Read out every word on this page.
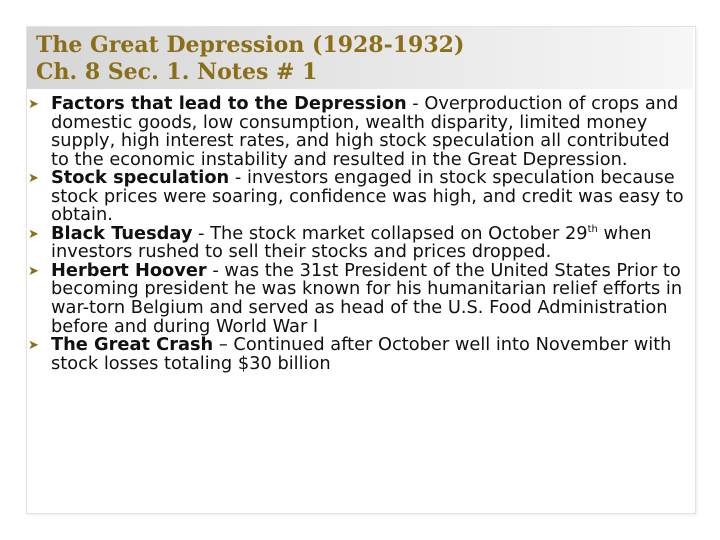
The Great Depression (1928-1932)
Ch. 8 Sec. 1. Notes # 1
➤ Factors that lead to the Depression - Overproduction of crops and domestic goods, low consumption, wealth disparity, limited money supply, high interest rates, and high stock speculation all contributed to the economic instability and resulted in the Great Depression.
➤ Stock speculation - investors engaged in stock speculation because stock prices were soaring, confidence was high, and credit was easy to obtain.
➤ Black Tuesday - The stock market collapsed on October 29th when investors rushed to sell their stocks and prices dropped.
➤ Herbert Hoover - was the 31st President of the United States Prior to becoming president he was known for his humanitarian relief efforts in war-torn Belgium and served as head of the U.S. Food Administration before and during World War I
➤ The Great Crash – Continued after October well into November with stock losses totaling $30 billion
